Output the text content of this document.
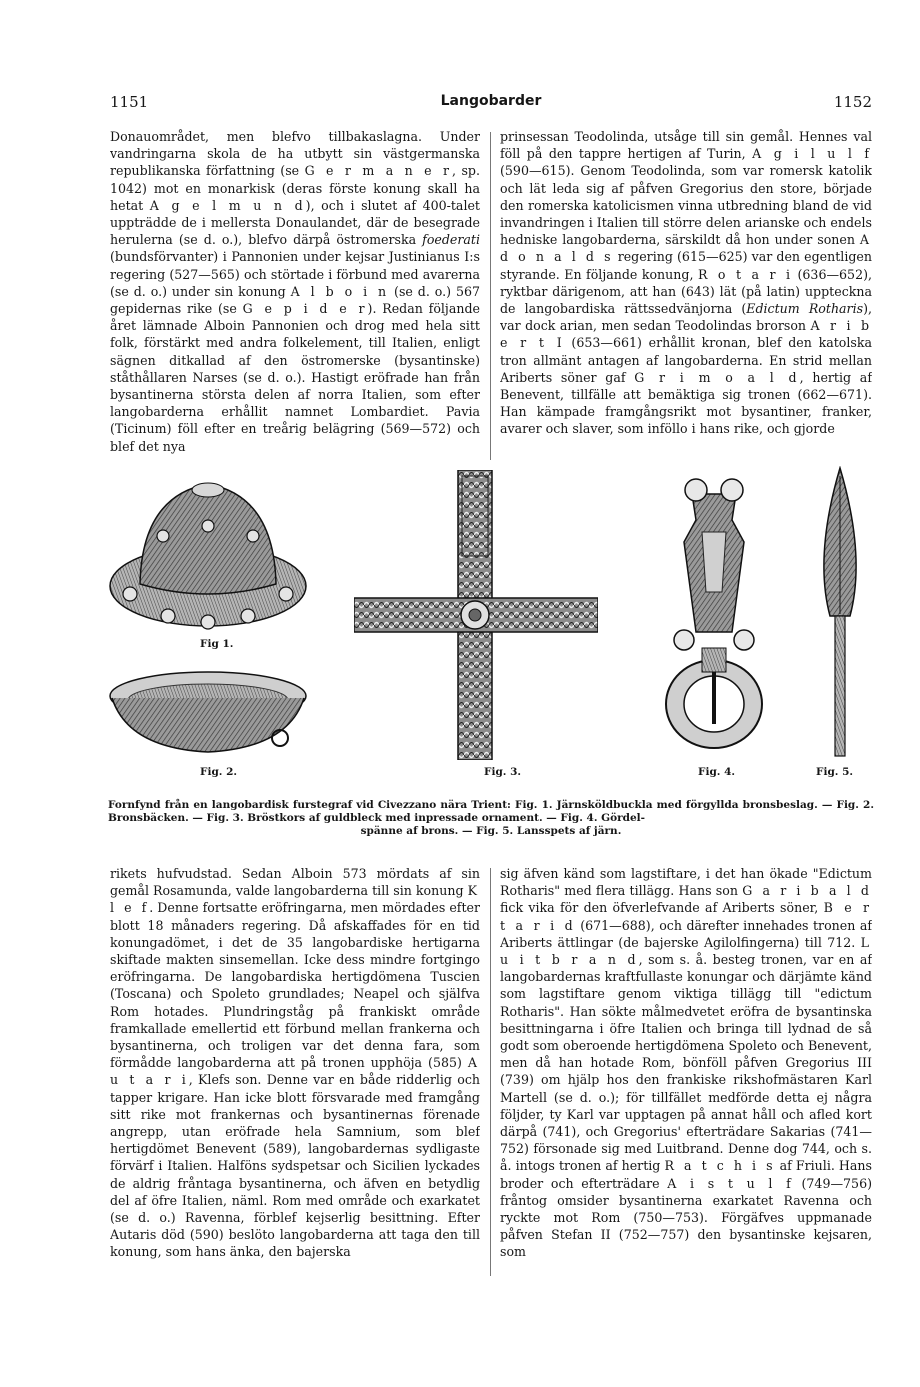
1151	Langobarder	1152

Donauområdet, men blefvo tillbakaslagna. Under vandringarna skola de ha utbytt sin västgermanska republikanska författning (se G e r m a n e r, sp. 1042) mot en monarkisk (deras förste konung skall ha hetat A g e l m u n d), och i slutet af 400-talet uppträdde de i mellersta Donaulandet, där de besegrade herulerna (se d. o.), blefvo därpå östromerska foederati (bundsförvanter) i Pannonien under kejsar Justinianus I:s regering (527—565) och störtade i förbund med avarerna (se d. o.) under sin konung A l b o i n (se d. o.) 567 gepidernas rike (se G e p i d e r). Redan följande året lämnade Alboin Pannonien och drog med hela sitt folk, förstärkt med andra folkelement, till Italien, enligt sägnen ditkallad af den östromerske (bysantinske) ståthållaren Narses (se d. o.). Hastigt eröfrade han från bysantinerna största delen af norra Italien, som efter langobarderna erhållit namnet Lombardiet. Pavia (Ticinum) föll efter en treårig belägring (569—572) och blef det nya

prinsessan Teodolinda, utsåge till sin gemål. Hennes val föll på den tappre hertigen af Turin, A g i l u l f (590—615). Genom Teodolinda, som var romersk katolik och lät leda sig af påfven Gregorius den store, började den romerska katolicismen vinna utbredning bland de vid invandringen i Italien till större delen arianske och endels hedniske langobarderna, särskildt då hon under sonen A d o n a l d s regering (615—625) var den egentligen styrande. En följande konung, R o t a r i (636—652), ryktbar därigenom, att han (643) lät (på latin) uppteckna de langobardiska rättssedvänjorna (Edictum Rotharis), var dock arian, men sedan Teodolindas brorson A r i b e r t I (653—661) erhållit kronan, blef den katolska tron allmänt antagen af langobarderna. En strid mellan Ariberts söner gaf G r i m o a l d, hertig af Benevent, tillfälle att bemäktiga sig tronen (662—671). Han kämpade framgångsrikt mot bysantiner, franker, avarer och slaver, som inföllo i hans rike, och gjorde

Fig 1.
Fig. 2.	Fig. 3.	Fig. 4.	Fig. 5.
Fornfynd från en langobardisk furstegraf vid Civezzano nära Trient: Fig. 1. Järnsköldbuckla med förgyllda bronsbeslag. — Fig. 2. Bronsbäcken. — Fig. 3. Bröstkors af guldbleck med inpressade ornament. — Fig. 4. Gördel-
spänne af brons. — Fig. 5. Lansspets af järn.

rikets hufvudstad. Sedan Alboin 573 mördats af sin gemål Rosamunda, valde langobarderna till sin konung K l e f. Denne fortsatte eröfringarna, men mördades efter blott 18 månaders regering. Då afskaffades för en tid konungadömet, i det de 35 langobardiske hertigarna skiftade makten sinsemellan. Icke dess mindre fortgingo eröfringarna. De langobardiska hertigdömena Tuscien (Toscana) och Spoleto grundlades; Neapel och själfva Rom hotades. Plundringståg på frankiskt område framkallade emellertid ett förbund mellan frankerna och bysantinerna, och troligen var det denna fara, som förmådde langobarderna att på tronen upphöja (585) A u t a r i, Klefs son. Denne var en både ridderlig och tapper krigare. Han icke blott försvarade med framgång sitt rike mot frankernas och bysantinernas förenade angrepp, utan eröfrade hela Samnium, som blef hertigdömet Benevent (589), langobardernas sydligaste förvärf i Italien. Halföns sydspetsar och Sicilien lyckades de aldrig fråntaga bysantinerna, och äfven en betydlig del af öfre Italien, näml. Rom med område och exarkatet (se d. o.) Ravenna, förblef kejserlig besittning. Efter Autaris död (590) beslöto langobarderna att taga den till konung, som hans änka, den bajerska

sig äfven känd som lagstiftare, i det han ökade "Edictum Rotharis" med flera tillägg. Hans son G a r i b a l d fick vika för den öfverlefvande af Ariberts söner, B e r t a r i d (671—688), och därefter innehades tronen af Ariberts ättlingar (de bajerske Agilolfingerna) till 712. L u i t b r a n d, som s. å. besteg tronen, var en af langobardernas kraftfullaste konungar och därjämte känd som lagstiftare genom viktiga tillägg till "edictum Rotharis". Han sökte målmedvetet eröfra de bysantinska besittningarna i öfre Italien och bringa till lydnad de så godt som oberoende hertigdömena Spoleto och Benevent, men då han hotade Rom, bönföll påfven Gregorius III (739) om hjälp hos den frankiske rikshofmästaren Karl Martell (se d. o.); för tillfället medförde detta ej några följder, ty Karl var upptagen på annat håll och afled kort därpå (741), och Gregorius' efterträdare Sakarias (741—752) försonade sig med Luitbrand. Denne dog 744, och s. å. intogs tronen af hertig R a t c h i s af Friuli. Hans broder och efterträdare A i s t u l f (749—756) fråntog omsider bysantinerna exarkatet Ravenna och ryckte mot Rom (750—753). Förgäfves uppmanade påfven Stefan II (752—757) den bysantinske kejsaren, som
